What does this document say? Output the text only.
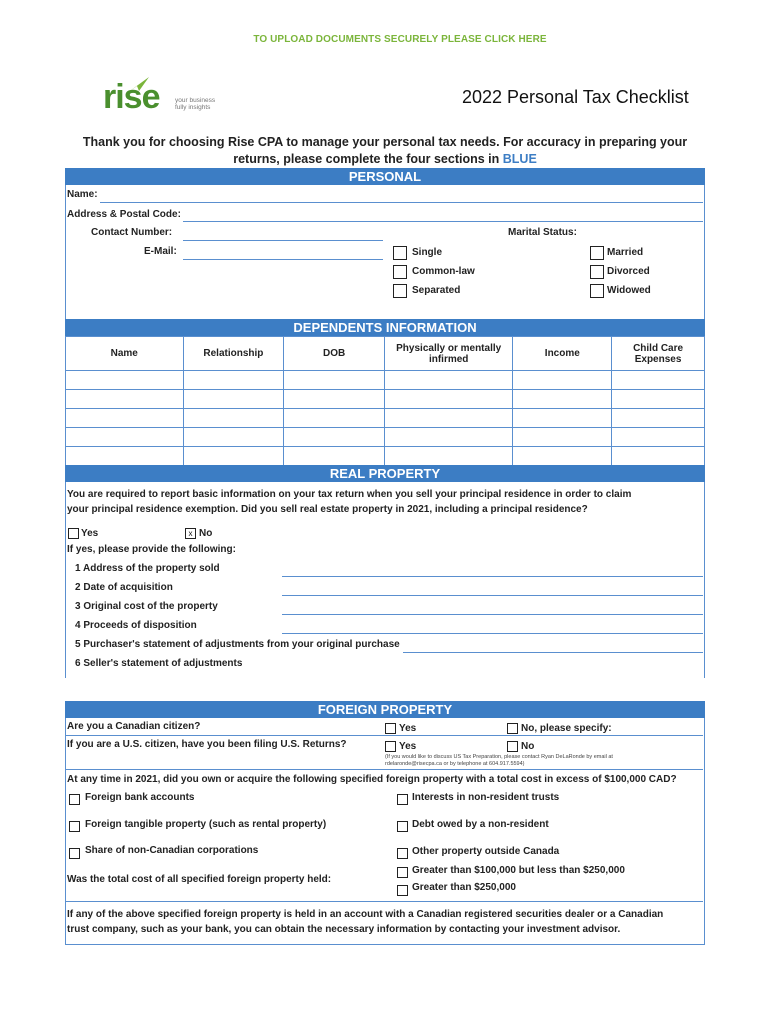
TO UPLOAD DOCUMENTS SECURELY PLEASE CLICK HERE
rise your business
fully insights
2022 Personal Tax Checklist
Thank you for choosing Rise CPA to manage your personal tax needs. For accuracy in preparing your
returns, please complete the four sections in BLUE
PERSONAL
Name:
Address & Postal Code:
Contact Number:	Marital Status:
E-Mail:	Single	Married
Common-law	Divorced
Separated	Widowed
DEPENDENTS INFORMATION
Name	Relationship	DOB	Physically or mentally infirmed	Income	Child Care Expenses

REAL PROPERTY
You are required to report basic information on your tax return when you sell your principal residence in order to claim
your principal residence exemption. Did you sell real estate property in 2021, including a principal residence?
Yes	x No
If yes, please provide the following:
1 Address of the property sold
2 Date of acquisition
3 Original cost of the property
4 Proceeds of disposition
5 Purchaser's statement of adjustments from your original purchase
6 Seller's statement of adjustments
FOREIGN PROPERTY
Are you a Canadian citizen?	Yes	No, please specify:
If you are a U.S. citizen, have you been filing U.S. Returns?	Yes	No
(If you would like to discuss US Tax Preparation, please contact Ryan DeLaRonde by email at
rdelaronde@risecpa.ca or by telephone at 604.917.5594)
At any time in 2021, did you own or acquire the following specified foreign property with a total cost in excess of $100,000 CAD?
Foreign bank accounts	Interests in non-resident trusts
Foreign tangible property (such as rental property)	Debt owed by a non-resident
Share of non-Canadian corporations	Other property outside Canada
Was the total cost of all specified foreign property held:
Greater than $100,000 but less than $250,000
Greater than $250,000
If any of the above specified foreign property is held in an account with a Canadian registered securities dealer or a Canadian
trust company, such as your bank, you can obtain the necessary information by contacting your investment advisor.
